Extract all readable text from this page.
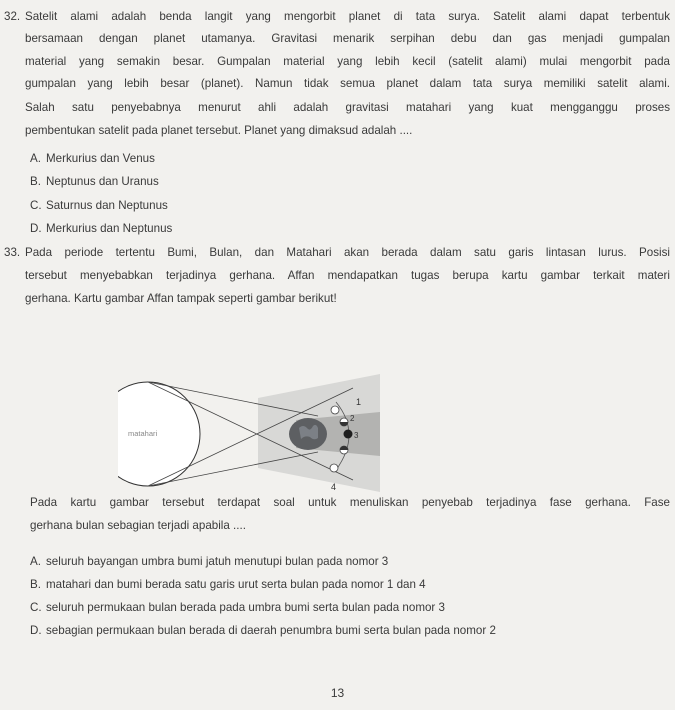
32. Satelit alami adalah benda langit yang mengorbit planet di tata surya. Satelit alami dapat terbentuk
bersamaan dengan planet utamanya. Gravitasi menarik serpihan debu dan gas menjadi gumpalan
material yang semakin besar. Gumpalan material yang lebih kecil (satelit alami) mulai mengorbit pada
gumpalan yang lebih besar (planet). Namun tidak semua planet dalam tata surya memiliki satelit alami.
Salah satu penyebabnya menurut ahli adalah gravitasi matahari yang kuat mengganggu proses
pembentukan satelit pada planet tersebut. Planet yang dimaksud adalah ....
A. Merkurius dan Venus
B. Neptunus dan Uranus
C. Saturnus dan Neptunus
D. Merkurius dan Neptunus
33. Pada periode tertentu Bumi, Bulan, dan Matahari akan berada dalam satu garis lintasan lurus. Posisi
tersebut menyebabkan terjadinya gerhana. Affan mendapatkan tugas berupa kartu gambar terkait materi
gerhana. Kartu gambar Affan tampak seperti gambar berikut!
matahari
1
2
3
4
Pada kartu gambar tersebut terdapat soal untuk menuliskan penyebab terjadinya fase gerhana. Fase
gerhana bulan sebagian terjadi apabila ....
A. seluruh bayangan umbra bumi jatuh menutupi bulan pada nomor 3
B. matahari dan bumi berada satu garis urut serta bulan pada nomor 1 dan 4
C. seluruh permukaan bulan berada pada umbra bumi serta bulan pada nomor 3
D. sebagian permukaan bulan berada di daerah penumbra bumi serta bulan pada nomor 2
13
